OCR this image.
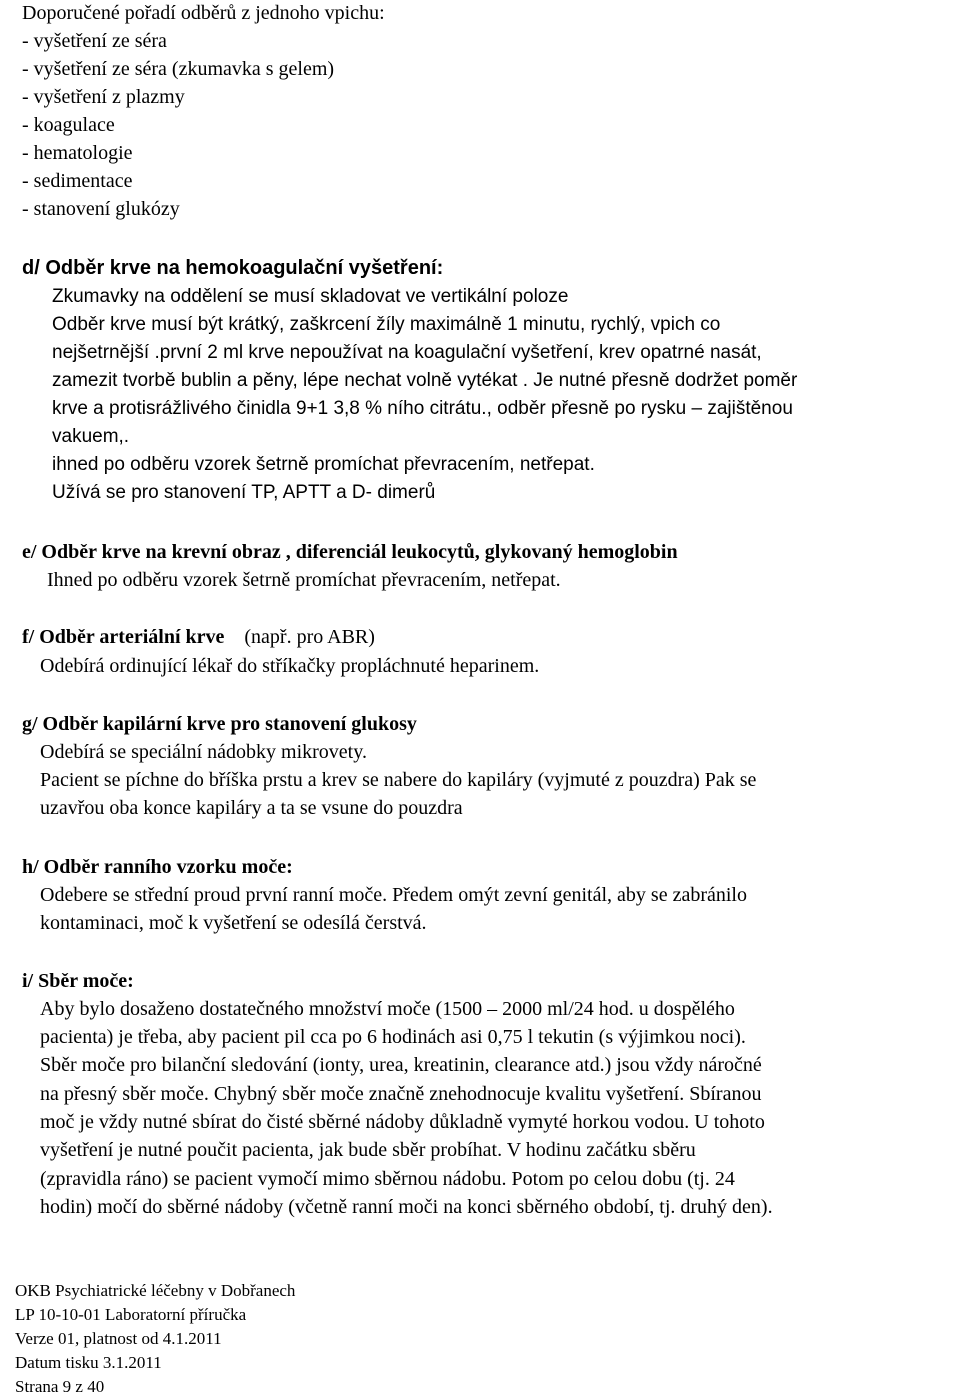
Doporučené pořadí odběrů z jednoho vpichu:
- vyšetření ze séra
- vyšetření ze séra (zkumavka s gelem)
- vyšetření z plazmy
- koagulace
- hematologie
- sedimentace
- stanovení glukózy
d/ Odběr krve na hemokoagulační vyšetření:
Zkumavky na oddělení se musí skladovat ve vertikální poloze
Odběr krve musí být krátký, zaškrcení žíly maximálně 1 minutu, rychlý, vpich co
nejšetrnější .první 2 ml krve nepoužívat na koagulační vyšetření, krev opatrné nasát,
zamezit tvorbě bublin a pěny, lépe nechat volně vytékat . Je nutné přesně dodržet poměr
krve a protisrážlivého činidla 9+1 3,8 % ního citrátu., odběr přesně po rysku – zajištěnou
vakuem,.
ihned po odběru vzorek šetrně promíchat převracením, netřepat.
Užívá se pro stanovení TP, APTT a D- dimerů
e/ Odběr krve na krevní obraz , diferenciál leukocytů, glykovaný hemoglobin
Ihned po odběru vzorek šetrně promíchat převracením, netřepat.
f/ Odběr arteriální krve    (např. pro ABR)
Odebírá ordinující lékař do stříkačky propláchnuté heparinem.
g/ Odběr kapilární krve pro stanovení glukosy
Odebírá se speciální nádobky mikrovety.
Pacient se píchne do bříška prstu a krev se nabere do kapiláry (vyjmuté z pouzdra) Pak se
uzavřou oba konce kapiláry a ta se vsune do pouzdra
h/ Odběr ranního vzorku moče:
Odebere se střední proud první ranní moče. Předem omýt zevní genitál, aby se zabránilo
kontaminaci, moč k vyšetření se odesílá čerstvá.
i/ Sběr moče:
Aby bylo dosaženo dostatečného množství moče (1500 – 2000 ml/24 hod. u dospělého
pacienta) je třeba, aby pacient pil cca po 6 hodinách asi 0,75 l tekutin (s výjimkou noci).
Sběr moče pro bilanční sledování (ionty, urea, kreatinin, clearance atd.) jsou vždy náročné
na přesný sběr moče. Chybný sběr moče značně znehodnocuje kvalitu vyšetření. Sbíranou
moč je vždy nutné sbírat do čisté sběrné nádoby důkladně vymyté horkou vodou. U tohoto
vyšetření je nutné poučit pacienta, jak bude sběr probíhat. V hodinu začátku sběru
(zpravidla ráno) se pacient vymočí mimo sběrnou nádobu. Potom po celou dobu (tj. 24
hodin) močí do sběrné nádoby (včetně ranní moči na konci sběrného období, tj. druhý den).
OKB Psychiatrické léčebny v Dobřanech
LP 10-10-01 Laboratorní příručka
Verze 01, platnost od 4.1.2011
Datum tisku 3.1.2011
Strana 9 z 40
